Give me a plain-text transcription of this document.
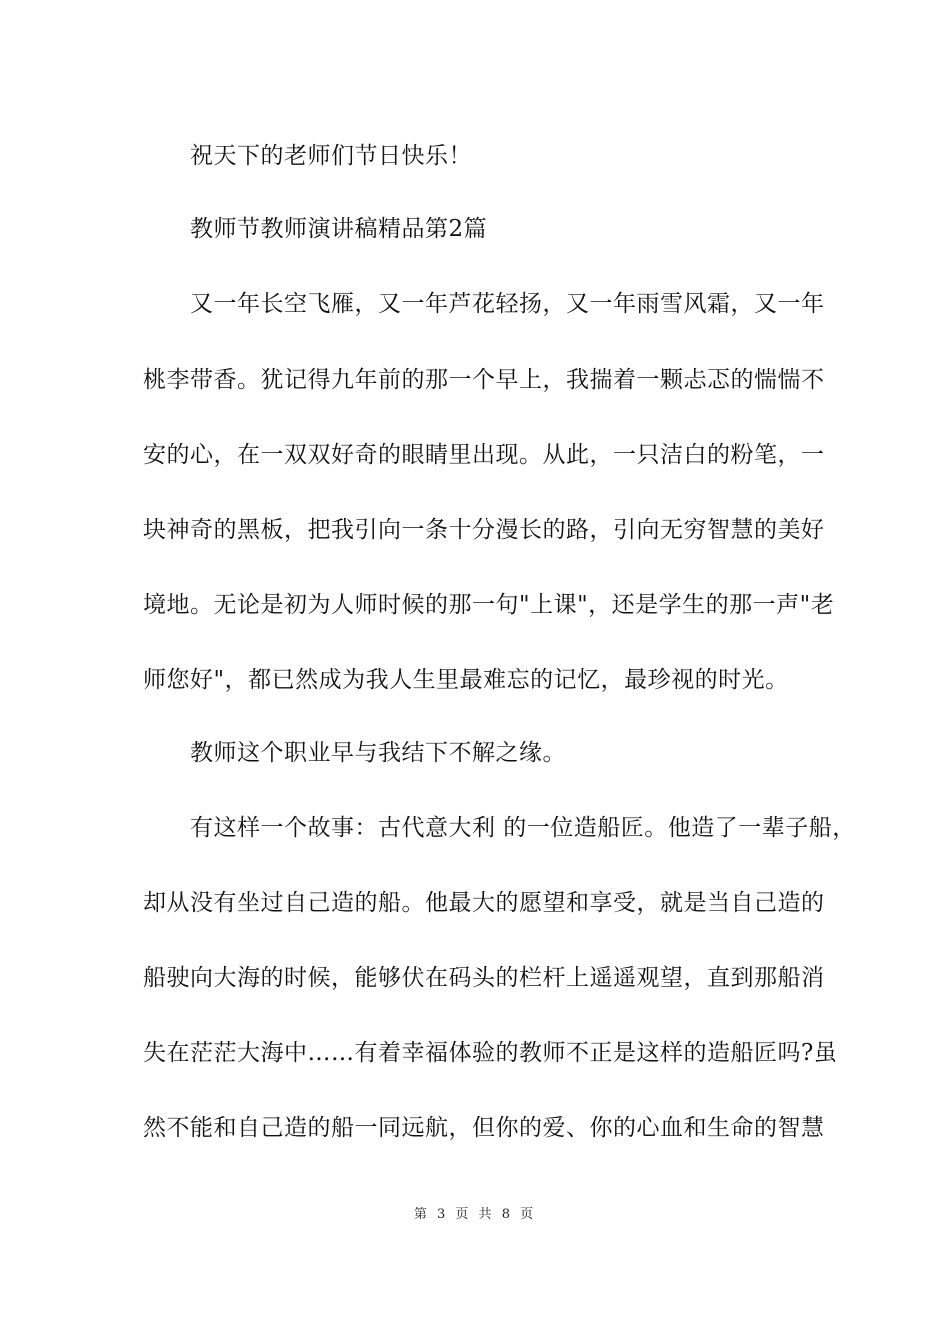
祝天下的老师们节日快乐！
教师节教师演讲稿精品第2篇
又一年长空飞雁，又一年芦花轻扬，又一年雨雪风霜，又一年
桃李带香。犹记得九年前的那一个早上，我揣着一颗忐忑的惴惴不
安的心，在一双双好奇的眼睛里出现。从此，一只洁白的粉笔，一
块神奇的黑板，把我引向一条十分漫长的路，引向无穷智慧的美好
境地。无论是初为人师时候的那一句"上课"，还是学生的那一声"老
师您好"，都已然成为我人生里最难忘的记忆，最珍视的时光。
教师这个职业早与我结下不解之缘。
有这样一个故事：古代意大利 的一位造船匠。他造了一辈子船，
却从没有坐过自己造的船。他最大的愿望和享受，就是当自己造的
船驶向大海的时候，能够伏在码头的栏杆上遥遥观望，直到那船消
失在茫茫大海中……有着幸福体验的教师不正是这样的造船匠吗?虽
然不能和自己造的船一同远航，但你的爱、你的心血和生命的智慧
第 3 页 共 8 页
